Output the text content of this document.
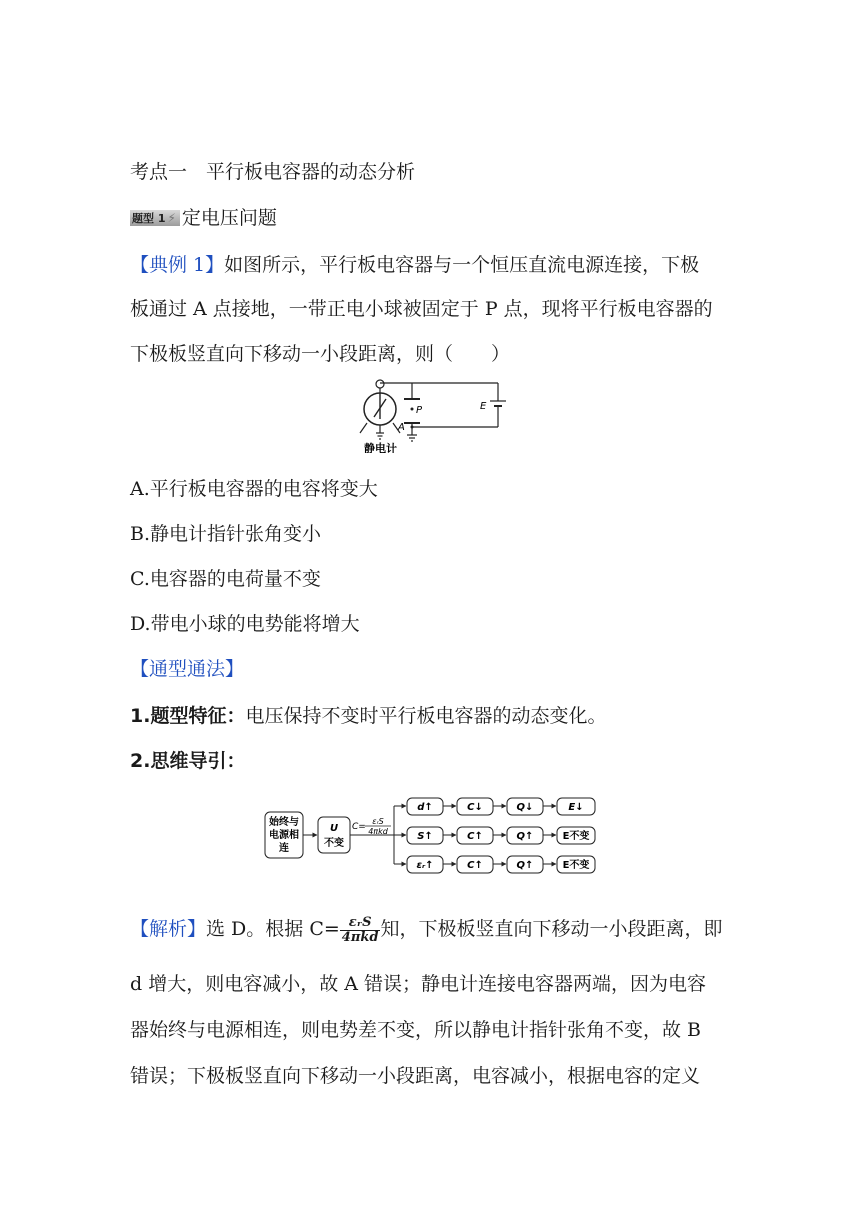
考点一　平行板电容器的动态分析
题型 1 ⚡ 定电压问题
【典例 1】如图所示，平行板电容器与一个恒压直流电源连接，下极
板通过 A 点接地，一带正电小球被固定于 P 点，现将平行板电容器的
下极板竖直向下移动一小段距离，则（　　）
P
A
E
静电计
A.平行板电容器的电容将变大
B.静电计指针张角变小
C.电容器的电荷量不变
D.带电小球的电势能将增大
【通型通法】
1.题型特征：电压保持不变时平行板电容器的动态变化。
2.思维导引：
始终与
电源相
连
U
不变
C=
εᵣS
4πkd
d↑	C↓	Q↓	E↓
S↑	C↑	Q↑	E不变
εᵣ↑	C↑	Q↑	E不变
【解析】选 D。根据 $C= \frac{\text{εᵣS}}{\text{4πkd}}$ 知，下极板竖直向下移动一小段距离，即
d 增大，则电容减小，故 A 错误；静电计连接电容器两端，因为电容
器始终与电源相连，则电势差不变，所以静电计指针张角不变，故 B
错误；下极板竖直向下移动一小段距离，电容减小，根据电容的定义
